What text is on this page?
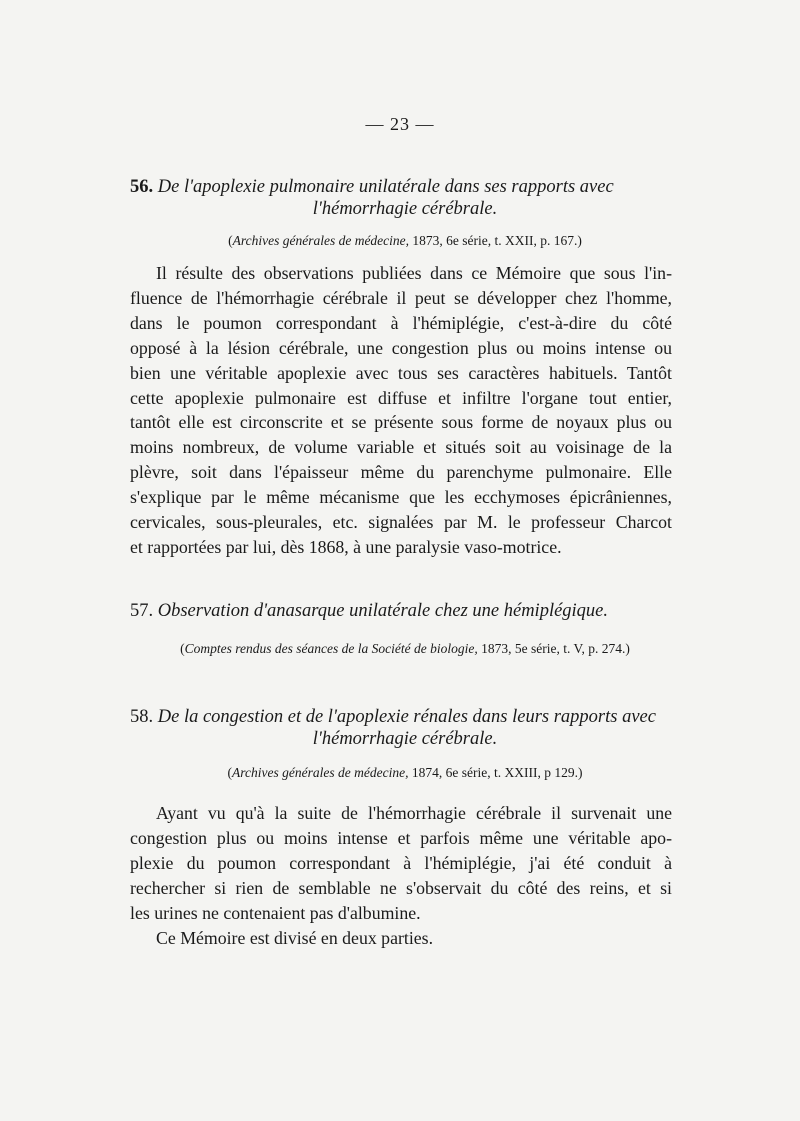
— 23 —
56. De l'apoplexie pulmonaire unilatérale dans ses rapports avec
l'hémorrhagie cérébrale.
(Archives générales de médecine, 1873, 6e série, t. XXII, p. 167.)
Il résulte des observations publiées dans ce Mémoire que sous l'in-
fluence de l'hémorrhagie cérébrale il peut se développer chez l'homme,
dans le poumon correspondant à l'hémiplégie, c'est-à-dire du côté
opposé à la lésion cérébrale, une congestion plus ou moins intense ou
bien une véritable apoplexie avec tous ses caractères habituels. Tantôt
cette apoplexie pulmonaire est diffuse et infiltre l'organe tout entier,
tantôt elle est circonscrite et se présente sous forme de noyaux plus ou
moins nombreux, de volume variable et situés soit au voisinage de la
plèvre, soit dans l'épaisseur même du parenchyme pulmonaire. Elle
s'explique par le même mécanisme que les ecchymoses épicrâniennes,
cervicales, sous-pleurales, etc. signalées par M. le professeur Charcot
et rapportées par lui, dès 1868, à une paralysie vaso-motrice.
57. Observation d'anasarque unilatérale chez une hémiplégique.
(Comptes rendus des séances de la Société de biologie, 1873, 5e série, t. V, p. 274.)
58. De la congestion et de l'apoplexie rénales dans leurs rapports avec
l'hémorrhagie cérébrale.
(Archives générales de médecine, 1874, 6e série, t. XXIII, p 129.)
Ayant vu qu'à la suite de l'hémorrhagie cérébrale il survenait une
congestion plus ou moins intense et parfois même une véritable apo-
plexie du poumon correspondant à l'hémiplégie, j'ai été conduit à
rechercher si rien de semblable ne s'observait du côté des reins, et si
les urines ne contenaient pas d'albumine.
Ce Mémoire est divisé en deux parties.
